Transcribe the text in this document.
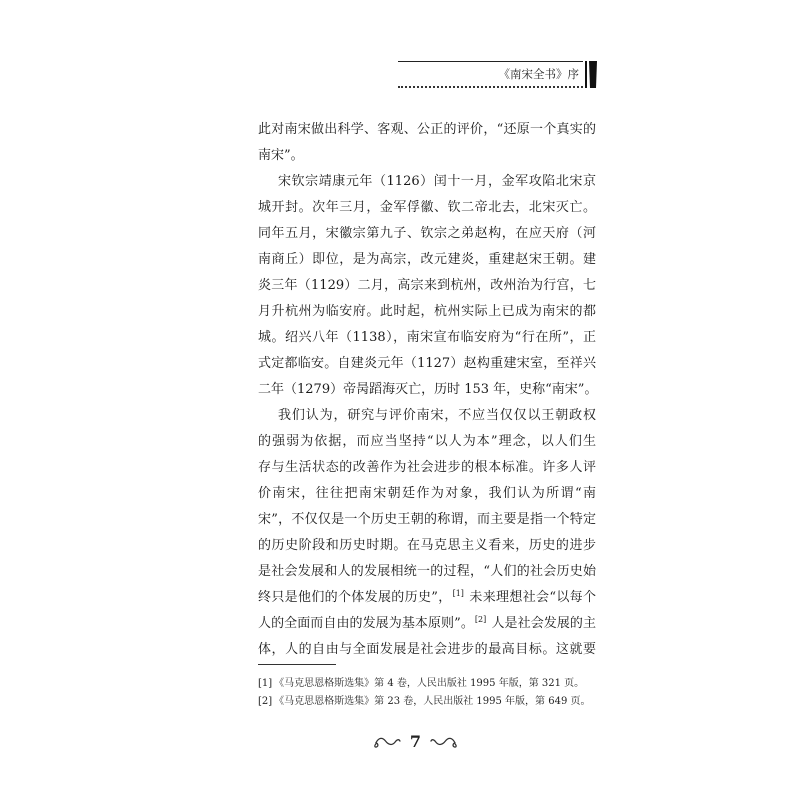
《南宋全书》序
此对南宋做出科学、客观、公正的评价，“还原一个真实的
南宋”。
宋钦宗靖康元年（1126）闰十一月，金军攻陷北宋京
城开封。次年三月，金军俘徽、钦二帝北去，北宋灭亡。
同年五月，宋徽宗第九子、钦宗之弟赵构，在应天府（河
南商丘）即位，是为高宗，改元建炎，重建赵宋王朝。建
炎三年（1129）二月，高宗来到杭州，改州治为行宫，七
月升杭州为临安府。此时起，杭州实际上已成为南宋的都
城。绍兴八年（1138），南宋宣布临安府为“行在所”，正
式定都临安。自建炎元年（1127）赵构重建宋室，至祥兴
二年（1279）帝昺蹈海灭亡，历时 153 年，史称“南宋”。
我们认为，研究与评价南宋，不应当仅仅以王朝政权
的强弱为依据，而应当坚持“以人为本”理念，以人们生
存与生活状态的改善作为社会进步的根本标准。许多人评
价南宋，往往把南宋朝廷作为对象，我们认为所谓“南
宋”，不仅仅是一个历史王朝的称谓，而主要是指一个特定
的历史阶段和历史时期。在马克思主义看来，历史的进步
是社会发展和人的发展相统一的过程，“人们的社会历史始
终只是他们的个体发展的历史”，[1] 未来理想社会“以每个
人的全面而自由的发展为基本原则”。[2] 人是社会发展的主
体，人的自由与全面发展是社会进步的最高目标。这就要
[1] 《马克思恩格斯选集》第 4 卷，人民出版社 1995 年版，第 321 页。
[2] 《马克思恩格斯选集》第 23 卷，人民出版社 1995 年版，第 649 页。
7
